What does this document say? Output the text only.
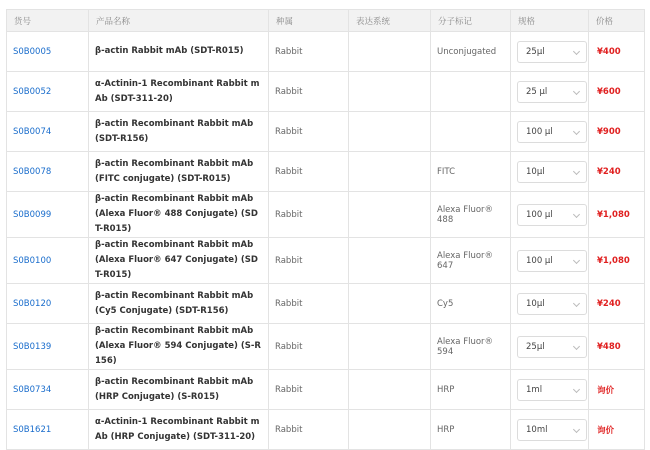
货号	产品名称	种属	表达系统	分子标记	规格	价格
S0B0005	β-actin Rabbit mAb (SDT-R015)	Rabbit		Unconjugated	25μl	¥400
S0B0052	α-Actinin-1 Recombinant Rabbit mAb (SDT-311-20)	Rabbit			25 μl	¥600
S0B0074	β-actin Recombinant Rabbit mAb (SDT-R156)	Rabbit			100 μl	¥900
S0B0078	β-actin Recombinant Rabbit mAb (FITC conjugate) (SDT-R015)	Rabbit		FITC	10μl	¥240
S0B0099	β-actin Recombinant Rabbit mAb (Alexa Fluor® 488 Conjugate) (SDT-R015)	Rabbit		Alexa Fluor® 488	100 μl	¥1,080
S0B0100	β-actin Recombinant Rabbit mAb (Alexa Fluor® 647 Conjugate) (SDT-R015)	Rabbit		Alexa Fluor® 647	100 μl	¥1,080
S0B0120	β-actin Recombinant Rabbit mAb (Cy5 Conjugate) (SDT-R156)	Rabbit		Cy5	10μl	¥240
S0B0139	β-actin Recombinant Rabbit mAb (Alexa Fluor® 594 Conjugate) (S-R156)	Rabbit		Alexa Fluor® 594	25μl	¥480
S0B0734	β-actin Recombinant Rabbit mAb (HRP Conjugate) (S-R015)	Rabbit		HRP	1ml	询价
S0B1621	α-Actinin-1 Recombinant Rabbit mAb (HRP Conjugate) (SDT-311-20)	Rabbit		HRP	10ml	询价
